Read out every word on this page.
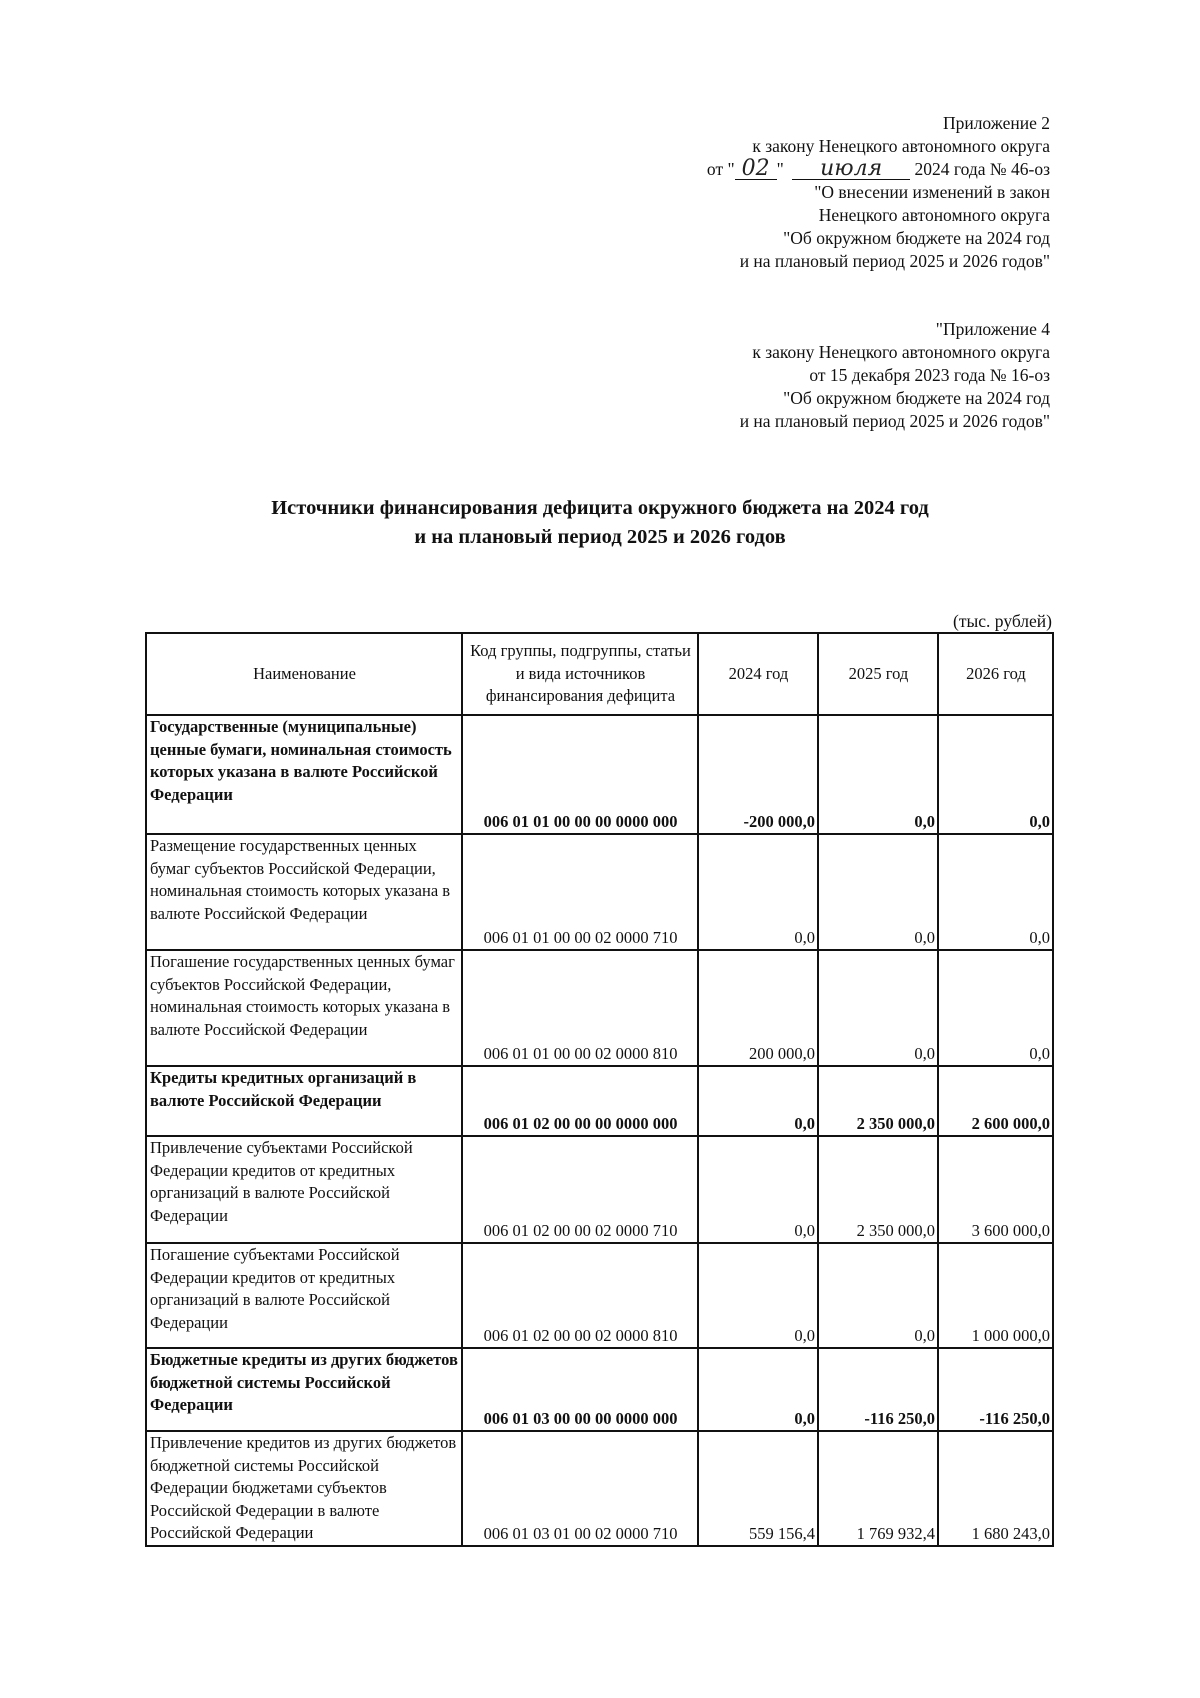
Приложение 2
к закону Ненецкого автономного округа
от " 02 " июля 2024 года № 46-оз
"О внесении изменений в закон
Ненецкого автономного округа
"Об окружном бюджете на 2024 год
и на плановый период 2025 и 2026 годов"
"Приложение 4
к закону Ненецкого автономного округа
от 15 декабря 2023 года № 16-оз
"Об окружном бюджете на 2024 год
и на плановый период 2025 и 2026 годов"
Источники финансирования дефицита окружного бюджета на 2024 год
и на плановый период 2025 и 2026 годов
(тыс. рублей)
Наименование	Код группы, подгруппы, статьи и вида источников финансирования дефицита	2024 год	2025 год	2026 год
Государственные (муниципальные) ценные бумаги, номинальная стоимость которых указана в валюте Российской Федерации	006 01 01 00 00 00 0000 000	-200 000,0	0,0	0,0
Размещение государственных ценных бумаг субъектов Российской Федерации, номинальная стоимость которых указана в валюте Российской Федерации	006 01 01 00 00 02 0000 710	0,0	0,0	0,0
Погашение государственных ценных бумаг субъектов Российской Федерации, номинальная стоимость которых указана в валюте Российской Федерации	006 01 01 00 00 02 0000 810	200 000,0	0,0	0,0
Кредиты кредитных организаций в валюте Российской Федерации	006 01 02 00 00 00 0000 000	0,0	2 350 000,0	2 600 000,0
Привлечение субъектами Российской Федерации кредитов от кредитных организаций в валюте Российской Федерации	006 01 02 00 00 02 0000 710	0,0	2 350 000,0	3 600 000,0
Погашение субъектами Российской Федерации кредитов от кредитных организаций в валюте Российской Федерации	006 01 02 00 00 02 0000 810	0,0	0,0	1 000 000,0
Бюджетные кредиты из других бюджетов бюджетной системы Российской Федерации	006 01 03 00 00 00 0000 000	0,0	-116 250,0	-116 250,0
Привлечение кредитов из других бюджетов бюджетной системы Российской Федерации бюджетами субъектов Российской Федерации в валюте Российской Федерации	006 01 03 01 00 02 0000 710	559 156,4	1 769 932,4	1 680 243,0
